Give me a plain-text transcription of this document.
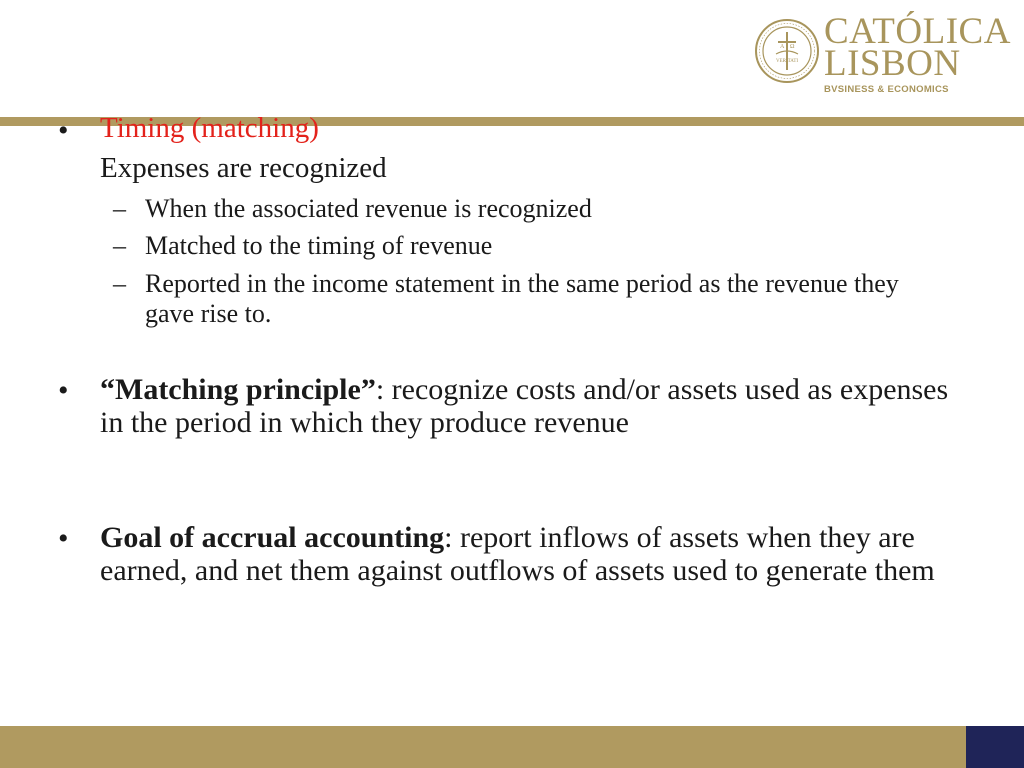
A Ω
VERITATI
CATÓLICA
LISBON
BVSINESS & ECONOMICS
• Timing (matching)
Expenses are recognized
– When the associated revenue is recognized
– Matched to the timing of revenue
– Reported in the income statement in the same period as the revenue they gave rise to.
• “Matching principle”: recognize costs and/or assets used as expenses in the period in which they produce revenue
• Goal of accrual accounting: report inflows of assets when they are earned, and net them against outflows of assets used to generate them
